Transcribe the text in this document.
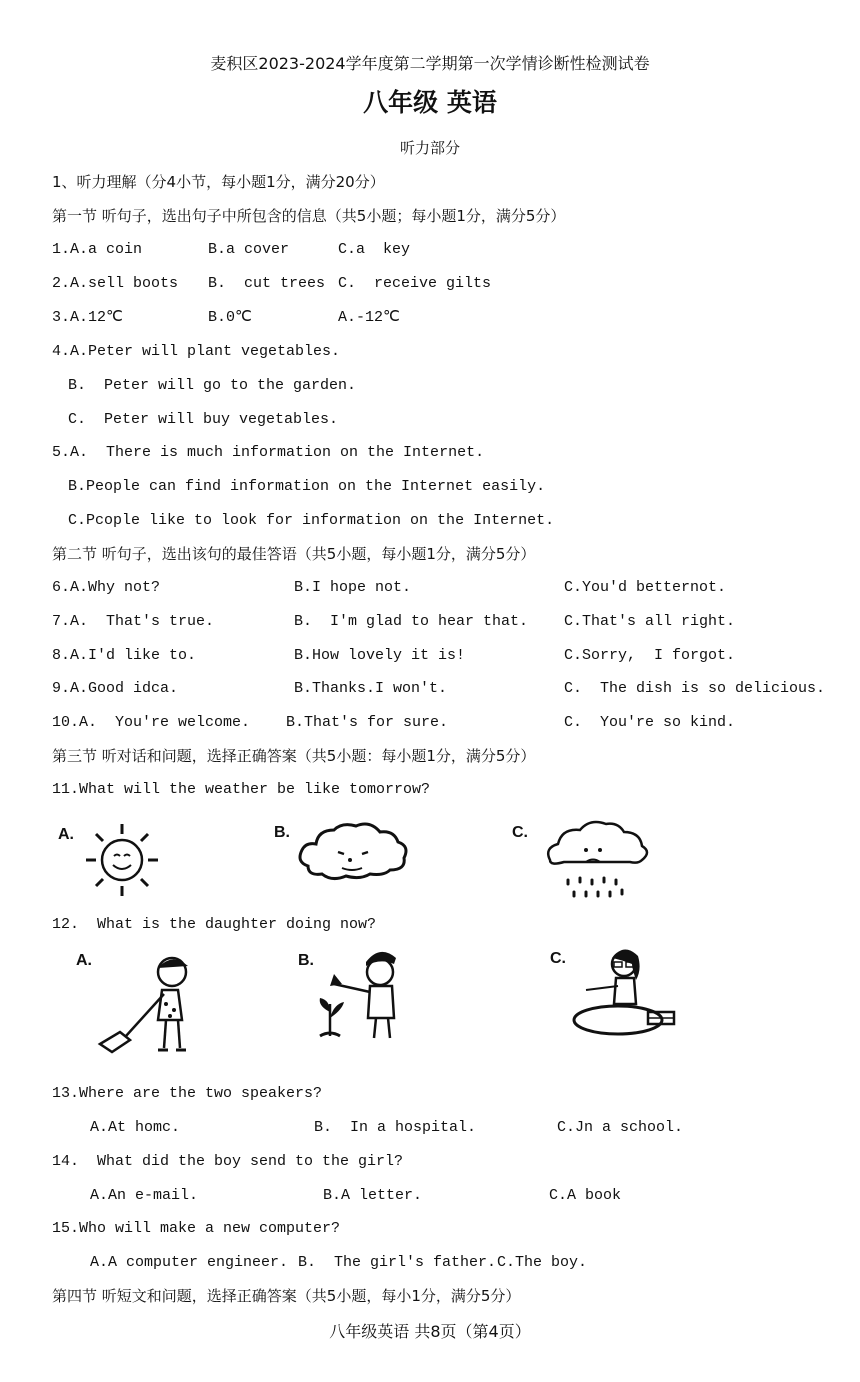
麦积区2023-2024学年度第二学期第一次学情诊断性检测试卷
八年级 英语
听力部分
1、听力理解（分4小节，每小题1分，满分20分）
第一节 听句子，选出句子中所包含的信息（共5小题；每小题1分，满分5分）
1.A.a coin	B.a cover	C.a  key
2.A.sell boots B.  cut trees C.  receive gilts
3.A.12℃	B.0℃	A.-12℃
4.A.Peter will plant vegetables.
B.  Peter will go to the garden.
C.  Peter will buy vegetables.
5.A.  There is much information on the Internet.
B.People can find information on the Internet easily.
C.Pcople like to look for information on the Internet.
第二节 听句子，选出该句的最佳答语（共5小题，每小题1分，满分5分）
6.A.Why not?	B.I hope not.	C.You'd betternot.
7.A.  That's true.	B.  I'm glad to hear that. C.That's all right.
8.A.I'd like to.	B.How lovely it is!	C.Sorry,  I forgot.
9.A.Good idca.	B.Thanks.I won't.	C.  The dish is so delicious.
10.A.  You're welcome. B.That's for sure.	C.  You're so kind.
第三节 听对话和问题，选择正确答案（共5小题：每小题1分，满分5分）
11.What will the weather be like tomorrow?
A.	B.	C.
12.  What is the daughter doing now?
A.	B.	C.
13.Where are the two speakers?
A.At homc.	B.  In a hospital.	C.Jn a school.
14.  What did the boy send to the girl?
A.An e-mail.	B.A letter.	C.A book
15.Who will make a new computer?
A.A computer engineer. B.  The girl's father. C.The boy.
第四节 听短文和问题，选择正确答案（共5小题，每小1分，满分5分）
八年级英语 共8页（第4页）
